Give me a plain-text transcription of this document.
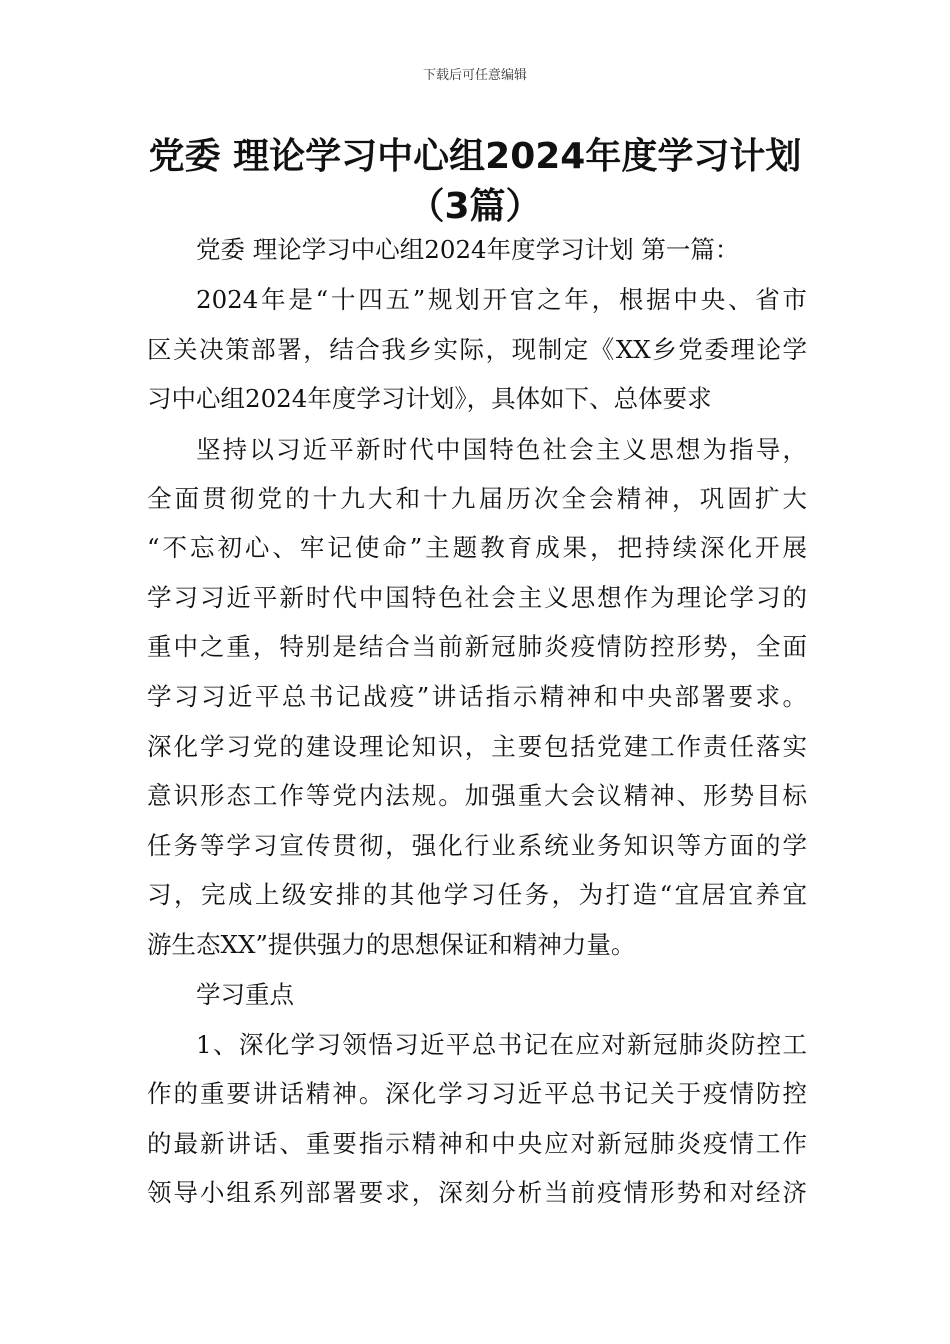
下载后可任意编辑
党委 理论学习中心组2024年度学习计划
（3篇）
党委 理论学习中心组2024年度学习计划 第一篇：
2024年是“十四五”规划开官之年，根据中央、省市
区关决策部署，结合我乡实际，现制定《XX乡党委理论学
习中心组2024年度学习计划》，具体如下、总体要求
坚持以习近平新时代中国特色社会主义思想为指导，
全面贯彻党的十九大和十九届历次全会精神，巩固扩大
“不忘初心、牢记使命”主题教育成果，把持续深化开展
学习习近平新时代中国特色社会主义思想作为理论学习的
重中之重，特别是结合当前新冠肺炎疫情防控形势，全面
学习习近平总书记战疫”讲话指示精神和中央部署要求。
深化学习党的建设理论知识，主要包括党建工作责任落实
意识形态工作等党内法规。加强重大会议精神、形势目标
任务等学习宣传贯彻，强化行业系统业务知识等方面的学
习，完成上级安排的其他学习任务，为打造“宜居宜养宜
游生态XX”提供强力的思想保证和精神力量。
学习重点
1、深化学习领悟习近平总书记在应对新冠肺炎防控工
作的重要讲话精神。深化学习习近平总书记关于疫情防控
的最新讲话、重要指示精神和中央应对新冠肺炎疫情工作
领导小组系列部署要求，深刻分析当前疫情形势和对经济
